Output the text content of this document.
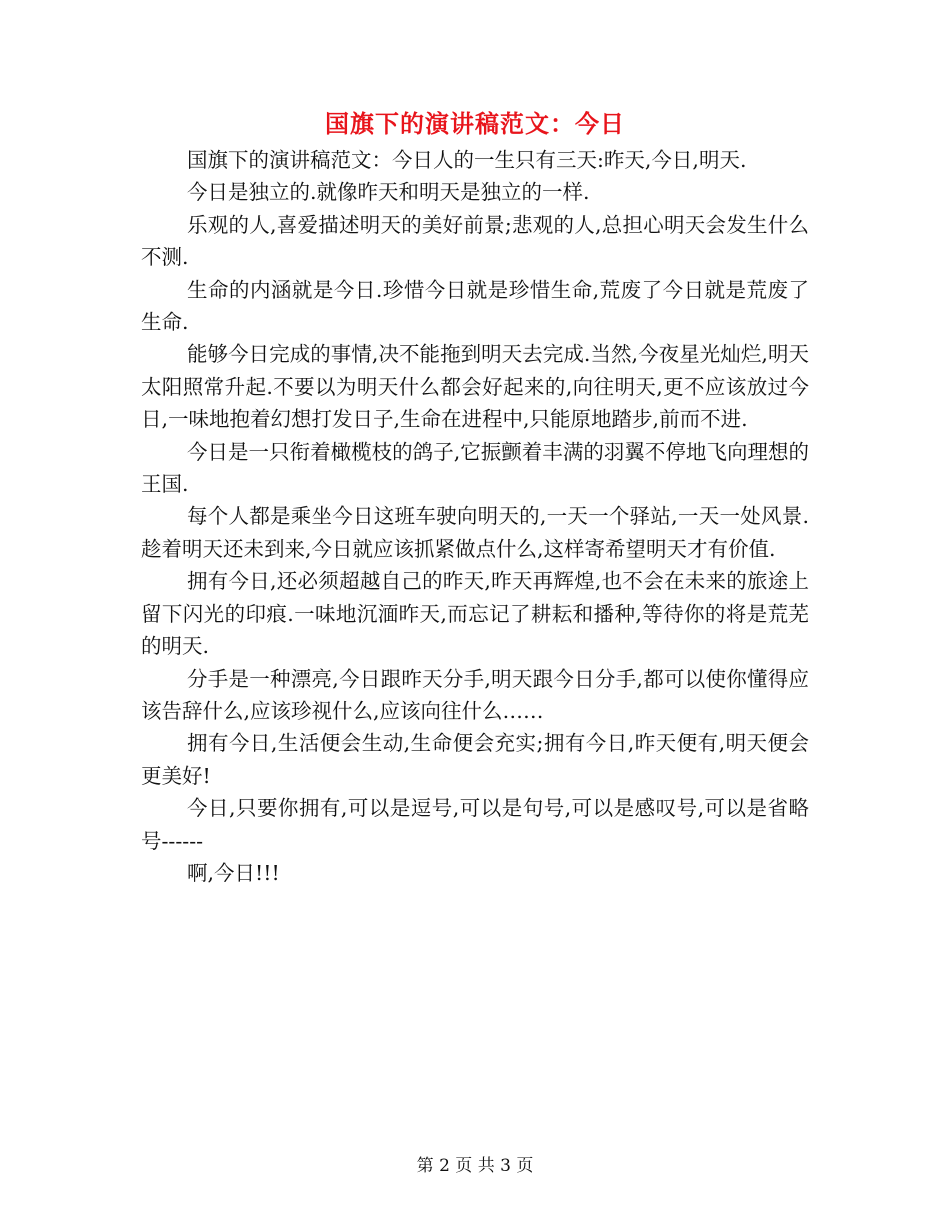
国旗下的演讲稿范文：今日

国旗下的演讲稿范文：今日人的一生只有三天:昨天,今日,明天.

今日是独立的.就像昨天和明天是独立的一样.

乐观的人,喜爱描述明天的美好前景;悲观的人,总担心明天会发生什么不测.

生命的内涵就是今日.珍惜今日就是珍惜生命,荒废了今日就是荒废了生命.

能够今日完成的事情,决不能拖到明天去完成.当然,今夜星光灿烂,明天太阳照常升起.不要以为明天什么都会好起来的,向往明天,更不应该放过今日,一味地抱着幻想打发日子,生命在进程中,只能原地踏步,前而不进.

今日是一只衔着橄榄枝的鸽子,它振颤着丰满的羽翼不停地飞向理想的王国.

每个人都是乘坐今日这班车驶向明天的,一天一个驿站,一天一处风景.趁着明天还未到来,今日就应该抓紧做点什么,这样寄希望明天才有价值.

拥有今日,还必须超越自己的昨天,昨天再辉煌,也不会在未来的旅途上留下闪光的印痕.一味地沉湎昨天,而忘记了耕耘和播种,等待你的将是荒芜的明天.

分手是一种漂亮,今日跟昨天分手,明天跟今日分手,都可以使你懂得应该告辞什么,应该珍视什么,应该向往什么……

拥有今日,生活便会生动,生命便会充实;拥有今日,昨天便有,明天便会更美好!

今日,只要你拥有,可以是逗号,可以是句号,可以是感叹号,可以是省略号------

啊,今日!!!

第 2 页 共 3 页
